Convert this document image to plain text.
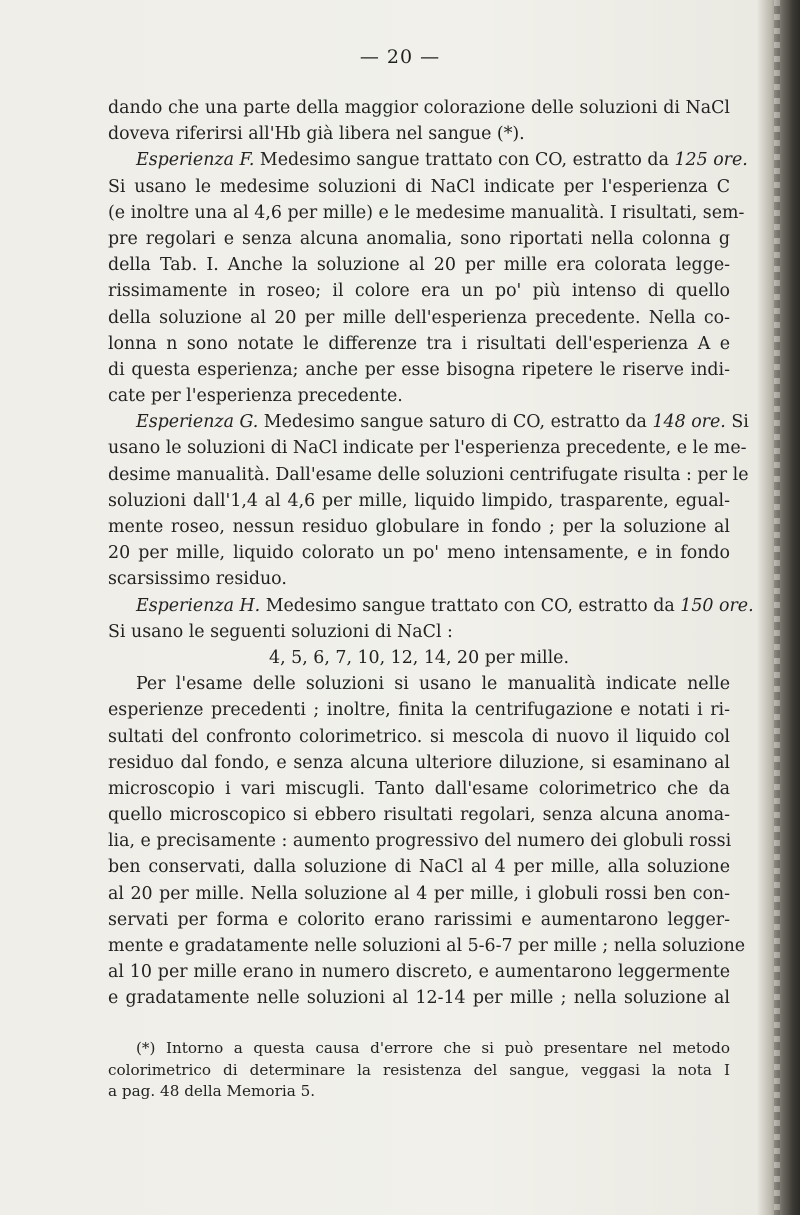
— 20 —
dando che una parte della maggior colorazione delle soluzioni di NaCl
doveva riferirsi all'Hb già libera nel sangue (*).
Esperienza F. Medesimo sangue trattato con CO, estratto da 125 ore.
Si usano le medesime soluzioni di NaCl indicate per l'esperienza C
(e inoltre una al 4,6 per mille) e le medesime manualità. I risultati, sem-
pre regolari e senza alcuna anomalia, sono riportati nella colonna g
della Tab. I. Anche la soluzione al 20 per mille era colorata legge-
rissimamente in roseo; il colore era un po' più intenso di quello
della soluzione al 20 per mille dell'esperienza precedente. Nella co-
lonna n sono notate le differenze tra i risultati dell'esperienza A e
di questa esperienza; anche per esse bisogna ripetere le riserve indi-
cate per l'esperienza precedente.
Esperienza G. Medesimo sangue saturo di CO, estratto da 148 ore. Si
usano le soluzioni di NaCl indicate per l'esperienza precedente, e le me-
desime manualità. Dall'esame delle soluzioni centrifugate risulta : per le
soluzioni dall'1,4 al 4,6 per mille, liquido limpido, trasparente, egual-
mente roseo, nessun residuo globulare in fondo ; per la soluzione al
20 per mille, liquido colorato un po' meno intensamente, e in fondo
scarsissimo residuo.
Esperienza H. Medesimo sangue trattato con CO, estratto da 150 ore.
Si usano le seguenti soluzioni di NaCl :
4, 5, 6, 7, 10, 12, 14, 20 per mille.
Per l'esame delle soluzioni si usano le manualità indicate nelle
esperienze precedenti ; inoltre, finita la centrifugazione e notati i ri-
sultati del confronto colorimetrico. si mescola di nuovo il liquido col
residuo dal fondo, e senza alcuna ulteriore diluzione, si esaminano al
microscopio i vari miscugli. Tanto dall'esame colorimetrico che da
quello microscopico si ebbero risultati regolari, senza alcuna anoma-
lia, e precisamente : aumento progressivo del numero dei globuli rossi
ben conservati, dalla soluzione di NaCl al 4 per mille, alla soluzione
al 20 per mille. Nella soluzione al 4 per mille, i globuli rossi ben con-
servati per forma e colorito erano rarissimi e aumentarono legger-
mente e gradatamente nelle soluzioni al 5-6-7 per mille ; nella soluzione
al 10 per mille erano in numero discreto, e aumentarono leggermente
e gradatamente nelle soluzioni al 12-14 per mille ; nella soluzione al
(*) Intorno a questa causa d'errore che si può presentare nel metodo
colorimetrico di determinare la resistenza del sangue, veggasi la nota I
a pag. 48 della Memoria 5.
